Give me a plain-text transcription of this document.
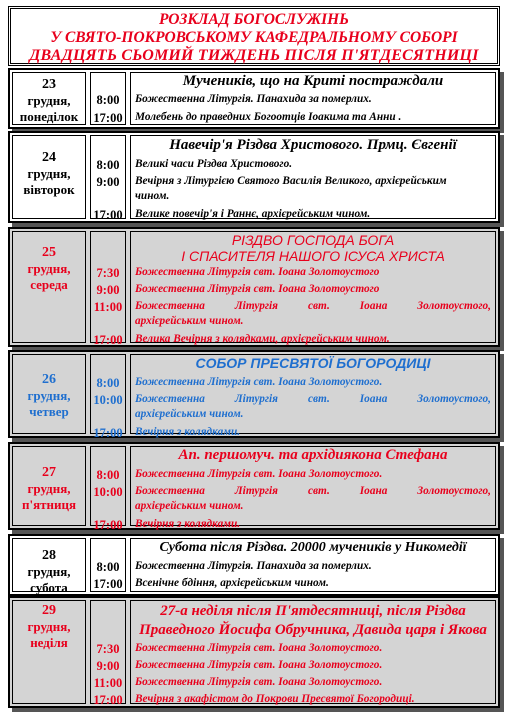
РОЗКЛАД БОГОСЛУЖІНЬ
У СВЯТО-ПОКРОВСЬКОМУ КАФЕДРАЛЬНОМУ СОБОРІ
ДВАДЦЯТЬ СЬОМИЙ ТИЖДЕНЬ ПІСЛЯ П'ЯТДЕСЯТНИЦІ
23
грудня,
понеділок
8:00
17:00
Мучеників, що на Криті постраждали
Божественна Літургія. Панахида за померлих.
Молебень до праведних Богоотців Іоакима та Анни .
24
грудня,
вівторок
8:00
9:00
17:00
Навечір'я Різдва Христового. Прмц. Євгенії
Великі часи Різдва Христового.
Вечірня з Літургією Святого Василія Великого, архієрейським
чином.
Велике повечір'я і Раннє, архієрейським чином.
25
грудня,
середа
7:30
9:00
11:00
17:00
РІЗДВО ГОСПОДА БОГА
І СПАСИТЕЛЯ НАШОГО ІСУСА ХРИСТА
Божественна Літургія свт. Іоана Золотоустого
Божественна Літургія свт. Іоана Золотоустого
Божественна Літургія свт. Іоана Золотоустого,
архієрейським чином.
Велика Вечірня з колядками, архієрейським чином.
26
грудня,
четвер
8:00
10:00
17:00
СОБОР ПРЕСВЯТОЇ БОГОРОДИЦІ
Божественна Літургія свт. Іоана Золотоустого.
Божественна Літургія свт. Іоана Золотоустого,
архієрейським чином.
Вечірня з колядками.
27
грудня,
п'ятниця
8:00
10:00
17:00
Ап. першомуч. та архідиякона Стефана
Божественна Літургія свт. Іоана Золотоустого.
Божественна Літургія свт. Іоана Золотоустого,
архієрейським чином.
Вечірня з колядками.
28
грудня,
субота
8:00
17:00
Субота після Різдва. 20000 мучеників у Никомедії
Божественна Літургія. Панахида за померлих.
Всенічне бдіння, архієрейським чином.
29
грудня,
неділя	7:30
9:00
11:00
17:00
27-а неділя після П'ятдесятниці, після Різдва
Праведного Йосифа Обручника, Давида царя і Якова
Божественна Літургія свт. Іоана Золотоустого.
Божественна Літургія свт. Іоана Золотоустого.
Божественна Літургія свт. Іоана Золотоустого.
Вечірня з акафістом до Покрови Пресвятої Богородиці.
